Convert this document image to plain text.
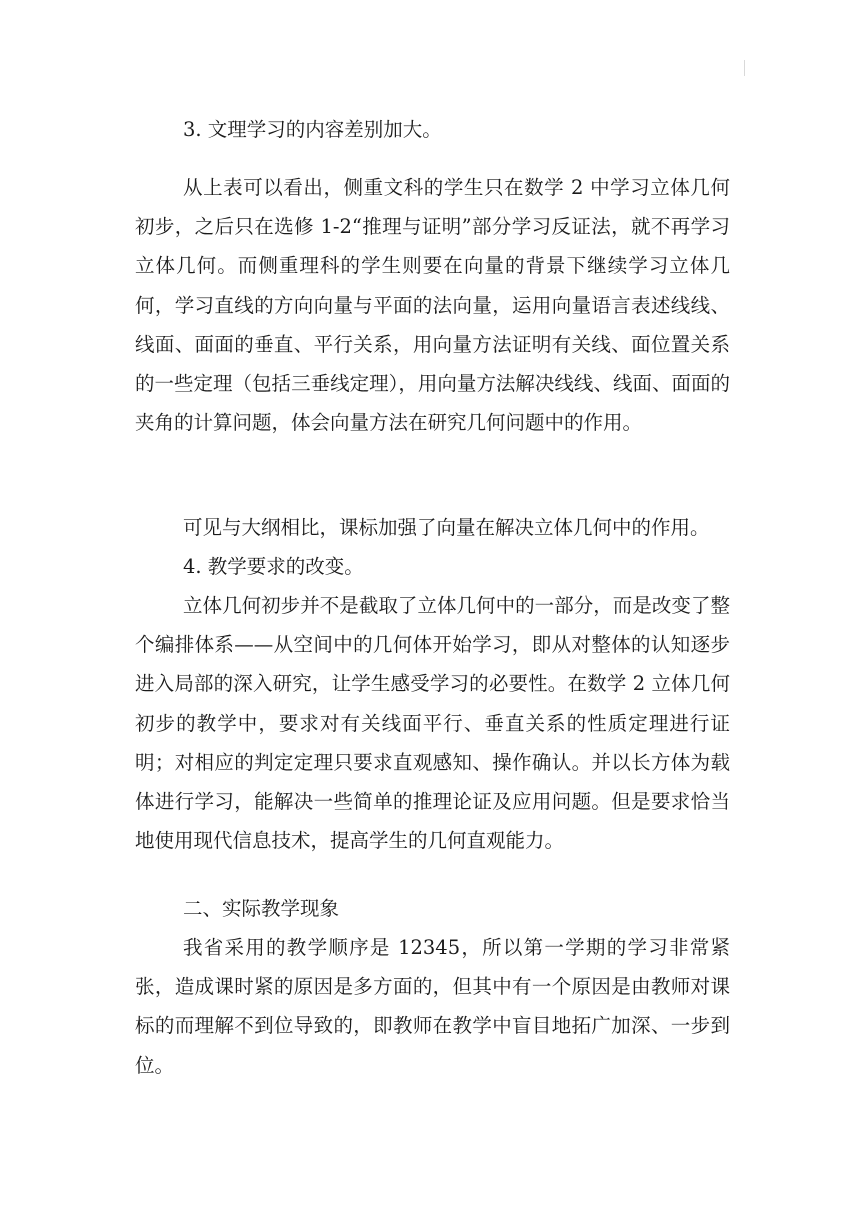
3. 文理学习的内容差别加大。

从上表可以看出，侧重文科的学生只在数学 2 中学习立体几何初步，之后只在选修 1-2“推理与证明”部分学习反证法，就不再学习立体几何。而侧重理科的学生则要在向量的背景下继续学习立体几何，学习直线的方向向量与平面的法向量，运用向量语言表述线线、线面、面面的垂直、平行关系，用向量方法证明有关线、面位置关系的一些定理（包括三垂线定理），用向量方法解决线线、线面、面面的夹角的计算问题，体会向量方法在研究几何问题中的作用。

可见与大纲相比，课标加强了向量在解决立体几何中的作用。

4. 教学要求的改变。

立体几何初步并不是截取了立体几何中的一部分，而是改变了整个编排体系——从空间中的几何体开始学习，即从对整体的认知逐步进入局部的深入研究，让学生感受学习的必要性。在数学 2 立体几何初步的教学中，要求对有关线面平行、垂直关系的性质定理进行证明；对相应的判定定理只要求直观感知、操作确认。并以长方体为载体进行学习，能解决一些简单的推理论证及应用问题。但是要求恰当地使用现代信息技术，提高学生的几何直观能力。

二、实际教学现象

我省采用的教学顺序是 12345，所以第一学期的学习非常紧张，造成课时紧的原因是多方面的，但其中有一个原因是由教师对课标的而理解不到位导致的，即教师在教学中盲目地拓广加深、一步到位。
